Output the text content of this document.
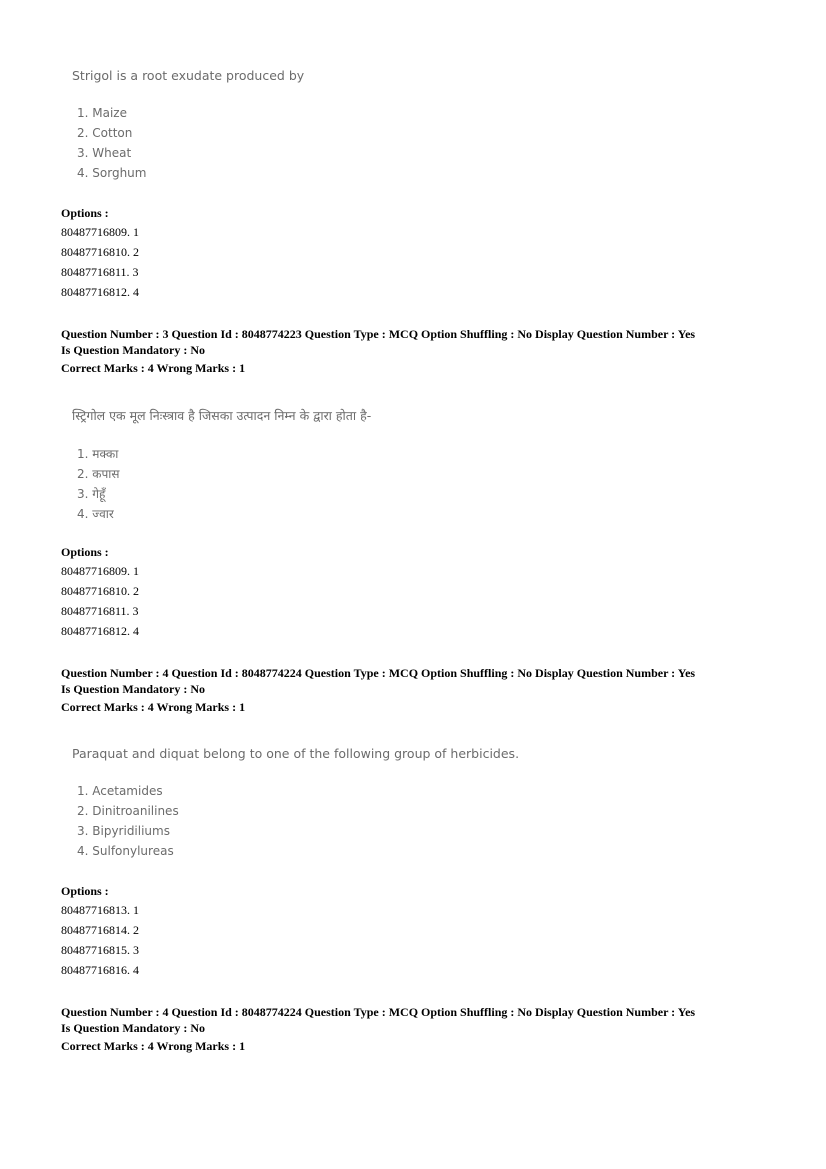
Strigol is a root exudate produced by
1. Maize
2. Cotton
3. Wheat
4. Sorghum
Options :
80487716809. 1
80487716810. 2
80487716811. 3
80487716812. 4
Question Number : 3 Question Id : 8048774223 Question Type : MCQ Option Shuffling : No Display Question Number : Yes
Is Question Mandatory : No
Correct Marks : 4 Wrong Marks : 1
स्ट्रिगोल एक मूल निःस्त्राव है जिसका उत्पादन निम्न के द्वारा होता है-
1. मक्का
2. कपास
3. गेहूँ
4. ज्वार
Options :
80487716809. 1
80487716810. 2
80487716811. 3
80487716812. 4
Question Number : 4 Question Id : 8048774224 Question Type : MCQ Option Shuffling : No Display Question Number : Yes
Is Question Mandatory : No
Correct Marks : 4 Wrong Marks : 1
Paraquat and diquat belong to one of the following group of herbicides.
1. Acetamides
2. Dinitroanilines
3. Bipyridiliums
4. Sulfonylureas
Options :
80487716813. 1
80487716814. 2
80487716815. 3
80487716816. 4
Question Number : 4 Question Id : 8048774224 Question Type : MCQ Option Shuffling : No Display Question Number : Yes
Is Question Mandatory : No
Correct Marks : 4 Wrong Marks : 1
